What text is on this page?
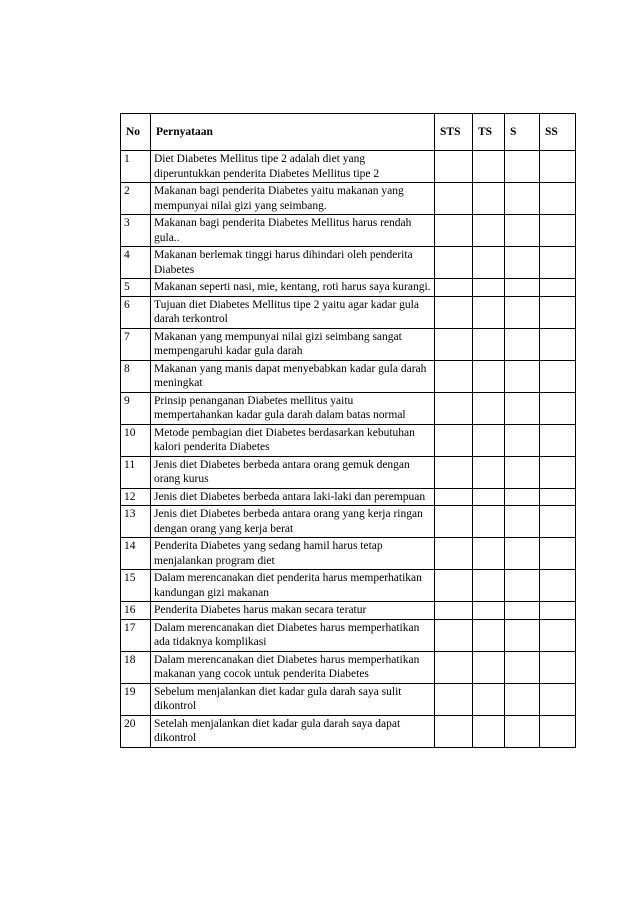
No	Pernyataan	STS	TS	S	SS
1	Diet Diabetes Mellitus tipe 2 adalah diet yang diperuntukkan penderita Diabetes Mellitus tipe 2				
2	Makanan bagi penderita Diabetes yaitu makanan yang mempunyai nilai gizi yang seimbang.				
3	Makanan bagi penderita Diabetes Mellitus harus rendah gula..				
4	Makanan berlemak tinggi harus dihindari oleh penderita Diabetes				
5	Makanan seperti nasi, mie, kentang, roti harus saya kurangi.				
6	Tujuan diet Diabetes Mellitus tipe 2 yaitu agar kadar gula darah terkontrol				
7	Makanan yang mempunyai nilai gizi seimbang sangat mempengaruhi kadar gula darah				
8	Makanan yang manis dapat menyebabkan kadar gula darah meningkat				
9	Prinsip penanganan Diabetes mellitus yaitu mempertahankan kadar gula darah dalam batas normal				
10	Metode pembagian diet Diabetes berdasarkan kebutuhan kalori penderita Diabetes				
11	Jenis diet Diabetes berbeda antara orang gemuk dengan orang kurus				
12	Jenis diet Diabetes berbeda antara laki-laki dan perempuan				
13	Jenis diet Diabetes berbeda antara orang yang kerja ringan dengan orang yang kerja berat				
14	Penderita Diabetes yang sedang hamil harus tetap menjalankan program diet				
15	Dalam merencanakan diet penderita harus memperhatikan kandungan gizi makanan				
16	Penderita Diabetes harus makan secara teratur				
17	Dalam merencanakan diet Diabetes harus memperhatikan ada tidaknya komplikasi				
18	Dalam merencanakan diet Diabetes harus memperhatikan makanan yang cocok untuk penderita Diabetes				
19	Sebelum menjalankan diet kadar gula darah saya sulit dikontrol				
20	Setelah menjalankan diet kadar gula darah saya dapat dikontrol				
